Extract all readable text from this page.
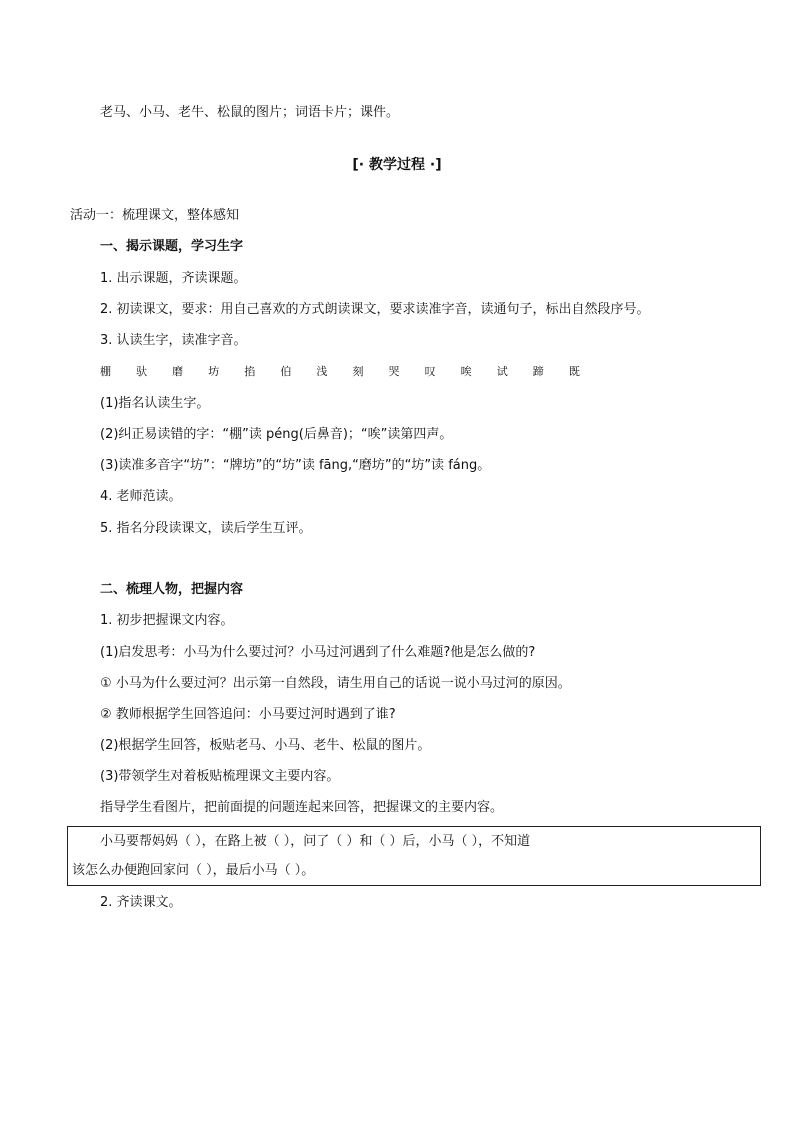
老马、小马、老牛、松鼠的图片；词语卡片；课件。
[· 教学过程 ·]
活动一：梳理课文，整体感知
一、揭示课题，学习生字
1. 出示课题，齐读课题。
2. 初读课文，要求：用自己喜欢的方式朗读课文，要求读准字音，读通句子，标出自然段序号。
3. 认读生字，读准字音。
棚 驮 磨 坊 掐 伯 浅 刻 哭 叹 唉 试 蹄 既
(1)指名认读生字。
(2)纠正易读错的字：“棚”读 péng(后鼻音)；“唉”读第四声。
(3)读准多音字“坊”：“牌坊”的“坊”读 fāng,“磨坊”的“坊”读 fáng。
4. 老师范读。
5. 指名分段读课文，读后学生互评。
二、梳理人物，把握内容
1. 初步把握课文内容。
(1)启发思考：小马为什么要过河？小马过河遇到了什么难题?他是怎么做的?
① 小马为什么要过河？出示第一自然段，请生用自己的话说一说小马过河的原因。
② 教师根据学生回答追问：小马要过河时遇到了谁?
(2)根据学生回答，板贴老马、小马、老牛、松鼠的图片。
(3)带领学生对着板贴梳理课文主要内容。
指导学生看图片，把前面提的问题连起来回答，把握课文的主要内容。
小马要帮妈妈（ ），在路上被（ ），问了（ ）和（ ）后，小马（ ），不知道
该怎么办便跑回家问（ ），最后小马（ ）。
2. 齐读课文。
